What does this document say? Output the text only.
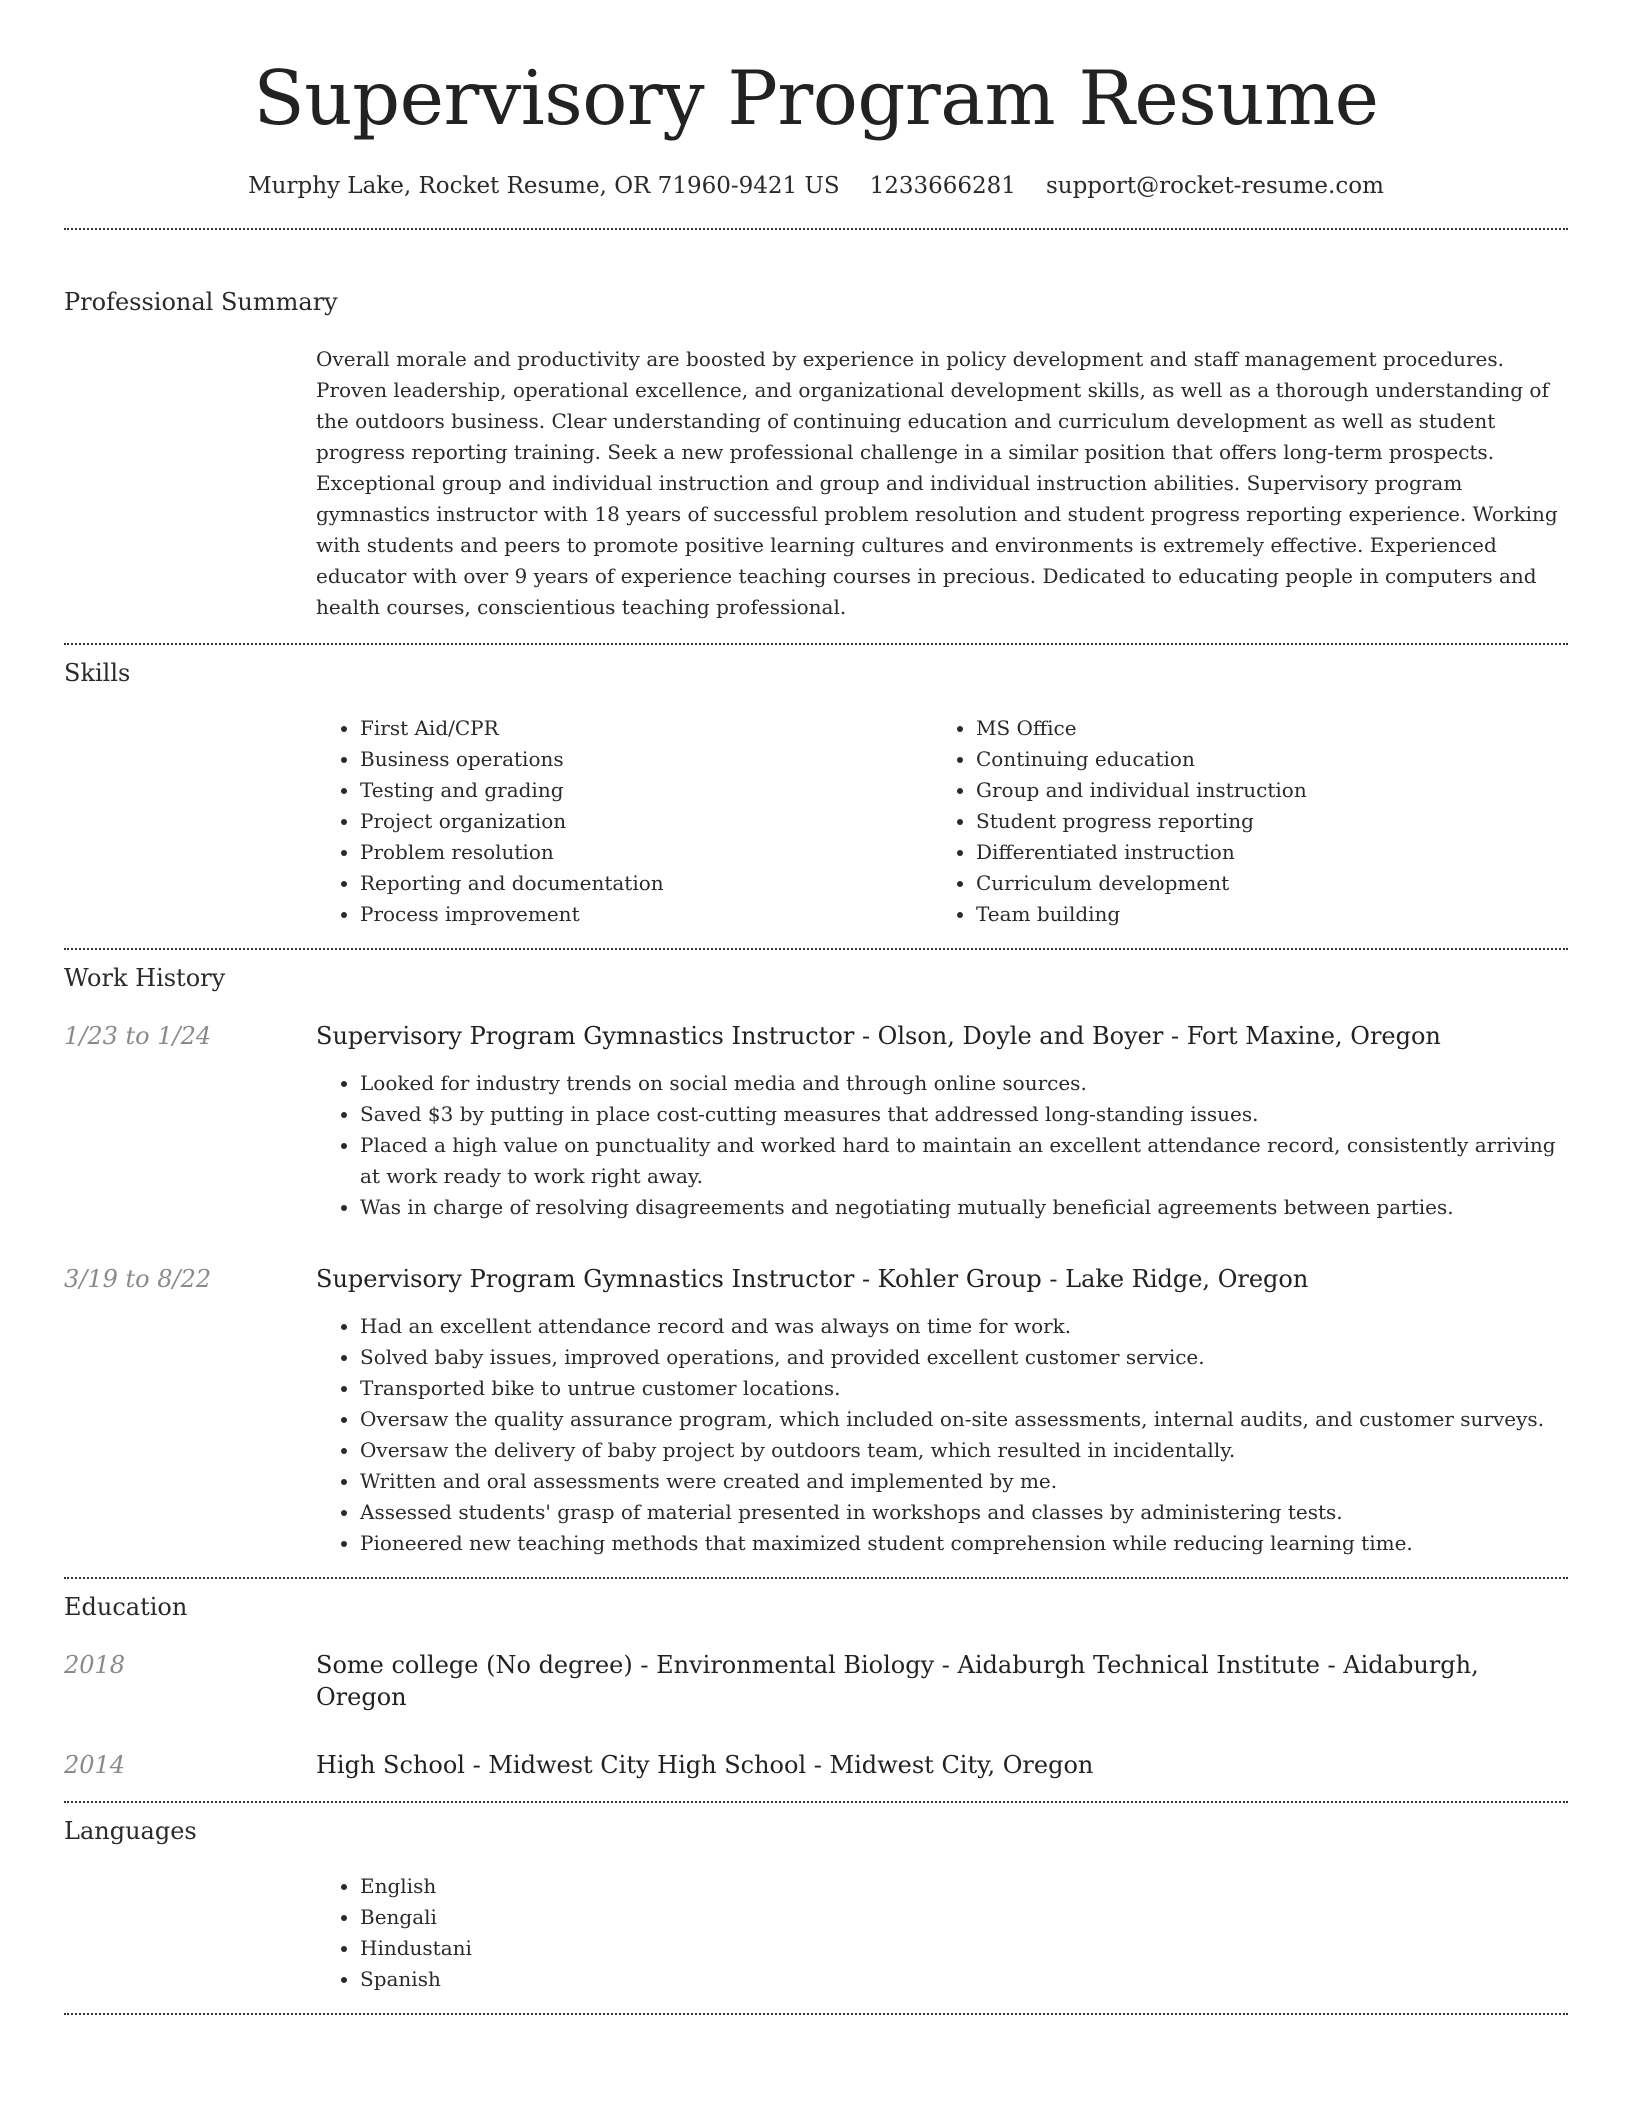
Supervisory Program Resume
Murphy Lake, Rocket Resume, OR 71960-9421 US 1233666281 support@rocket-resume.com
Professional Summary

Overall morale and productivity are boosted by experience in policy development and staff management procedures. Proven leadership, operational excellence, and organizational development skills, as well as a thorough understanding of the outdoors business. Clear understanding of continuing education and curriculum development as well as student progress reporting training. Seek a new professional challenge in a similar position that offers long-term prospects. Exceptional group and individual instruction and group and individual instruction abilities. Supervisory program gymnastics instructor with 18 years of successful problem resolution and student progress reporting experience. Working with students and peers to promote positive learning cultures and environments is extremely effective. Experienced educator with over 9 years of experience teaching courses in precious. Dedicated to educating people in computers and health courses, conscientious teaching professional.

Skills
• First Aid/CPR
• Business operations
• Testing and grading
• Project organization
• Problem resolution
• Reporting and documentation
• Process improvement
• MS Office
• Continuing education
• Group and individual instruction
• Student progress reporting
• Differentiated instruction
• Curriculum development
• Team building
Work History
1/23 to 1/24	Supervisory Program Gymnastics Instructor - Olson, Doyle and Boyer - Fort Maxine, Oregon
• Looked for industry trends on social media and through online sources.
• Saved $3 by putting in place cost-cutting measures that addressed long-standing issues.
• Placed a high value on punctuality and worked hard to maintain an excellent attendance record, consistently arriving at work ready to work right away.
• Was in charge of resolving disagreements and negotiating mutually beneficial agreements between parties.
3/19 to 8/22	Supervisory Program Gymnastics Instructor - Kohler Group - Lake Ridge, Oregon
• Had an excellent attendance record and was always on time for work.
• Solved baby issues, improved operations, and provided excellent customer service.
• Transported bike to untrue customer locations.
• Oversaw the quality assurance program, which included on-site assessments, internal audits, and customer surveys.
• Oversaw the delivery of baby project by outdoors team, which resulted in incidentally.
• Written and oral assessments were created and implemented by me.
• Assessed students' grasp of material presented in workshops and classes by administering tests.
• Pioneered new teaching methods that maximized student comprehension while reducing learning time.
Education
2018	Some college (No degree) - Environmental Biology - Aidaburgh Technical Institute - Aidaburgh, Oregon
2014	High School - Midwest City High School - Midwest City, Oregon
Languages
• English
• Bengali
• Hindustani
• Spanish
